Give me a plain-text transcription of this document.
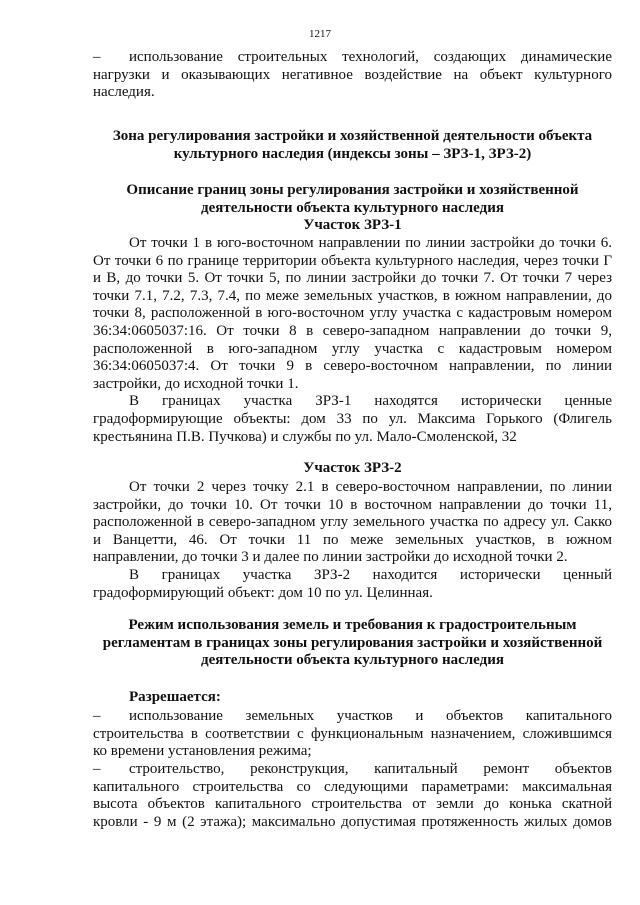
1217
– использование строительных технологий, создающих динамические
нагрузки и оказывающих негативное воздействие на объект культурного
наследия.
Зона регулирования застройки и хозяйственной деятельности объекта
культурного наследия (индексы зоны – ЗРЗ-1, ЗРЗ-2)
Описание границ зоны регулирования застройки и хозяйственной
деятельности объекта культурного наследия
Участок ЗРЗ-1
От точки 1 в юго-восточном направлении по линии застройки до точки 6.
От точки 6 по границе территории объекта культурного наследия, через точки Г
и В, до точки 5. От точки 5, по линии застройки до точки 7. От точки 7 через
точки 7.1, 7.2, 7.3, 7.4, по меже земельных участков, в южном направлении, до
точки 8, расположенной в юго-восточном углу участка с кадастровым номером
36:34:0605037:16. От точки 8 в северо-западном направлении до точки 9,
расположенной в юго-западном углу участка с кадастровым номером
36:34:0605037:4. От точки 9 в северо-восточном направлении, по линии
застройки, до исходной точки 1.
В границах участка ЗРЗ-1 находятся исторически ценные
градоформирующие объекты: дом 33 по ул. Максима Горького (Флигель
крестьянина П.В. Пучкова) и службы по ул. Мало-Смоленской, 32
Участок ЗРЗ-2
От точки 2 через точку 2.1 в северо-восточном направлении, по линии
застройки, до точки 10. От точки 10 в восточном направлении до точки 11,
расположенной в северо-западном углу земельного участка по адресу ул. Сакко
и Ванцетти, 46. От точки 11 по меже земельных участков, в южном
направлении, до точки 3 и далее по линии застройки до исходной точки 2.
В границах участка ЗРЗ-2 находится исторически ценный
градоформирующий объект: дом 10 по ул. Целинная.
Режим использования земель и требования к градостроительным
регламентам в границах зоны регулирования застройки и хозяйственной
деятельности объекта культурного наследия
Разрешается:
– использование земельных участков и объектов капитального
строительства в соответствии с функциональным назначением, сложившимся
ко времени установления режима;
– строительство, реконструкция, капитальный ремонт объектов
капитального строительства со следующими параметрами: максимальная
высота объектов капитального строительства от земли до конька скатной
кровли - 9 м (2 этажа); максимально допустимая протяженность жилых домов
